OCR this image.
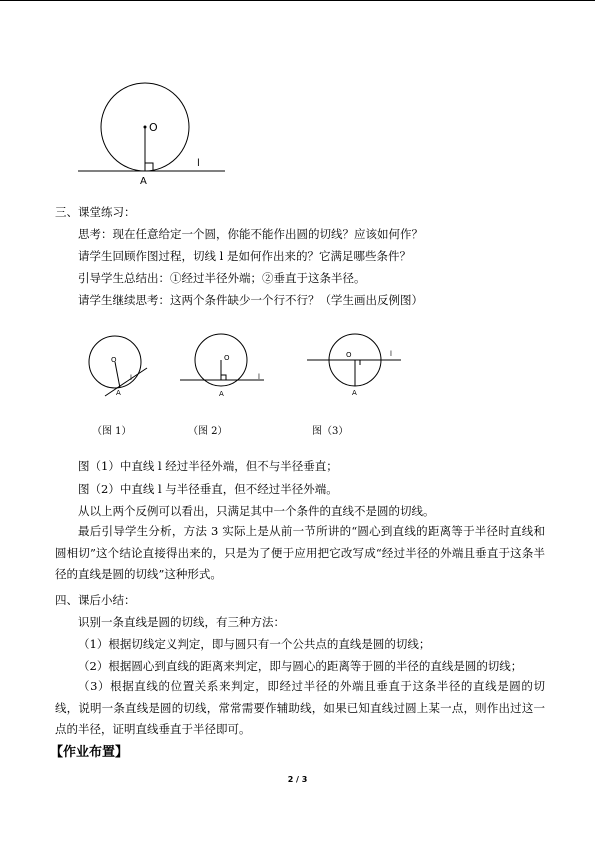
O
A
l
三、课堂练习：
思考：现在任意给定一个圆，你能不能作出圆的切线？应该如何作？
请学生回顾作图过程，切线 l 是如何作出来的？它满足哪些条件？
引导学生总结出：①经过半径外端；②垂直于这条半径。
请学生继续思考：这两个条件缺少一个行不行？（学生画出反例图）
O
A
l
O
A
l
O
A
l
（图 1）	（图 2）	图（3）
图（1）中直线 l 经过半径外端，但不与半径垂直；
图（2）中直线 l 与半径垂直，但不经过半径外端。
从以上两个反例可以看出，只满足其中一个条件的直线不是圆的切线。
最后引导学生分析，方法 3 实际上是从前一节所讲的“圆心到直线的距离等于半径时直线和圆相切”这个结论直接得出来的，只是为了便于应用把它改写成“经过半径的外端且垂直于这条半径的直线是圆的切线”这种形式。
四、课后小结：
识别一条直线是圆的切线，有三种方法：
（1）根据切线定义判定，即与圆只有一个公共点的直线是圆的切线；
（2）根据圆心到直线的距离来判定，即与圆心的距离等于圆的半径的直线是圆的切线；
（3）根据直线的位置关系来判定，即经过半径的外端且垂直于这条半径的直线是圆的切线，说明一条直线是圆的切线，常常需要作辅助线，如果已知直线过圆上某一点，则作出过这一点的半径，证明直线垂直于半径即可。
【作业布置】
2 / 3
